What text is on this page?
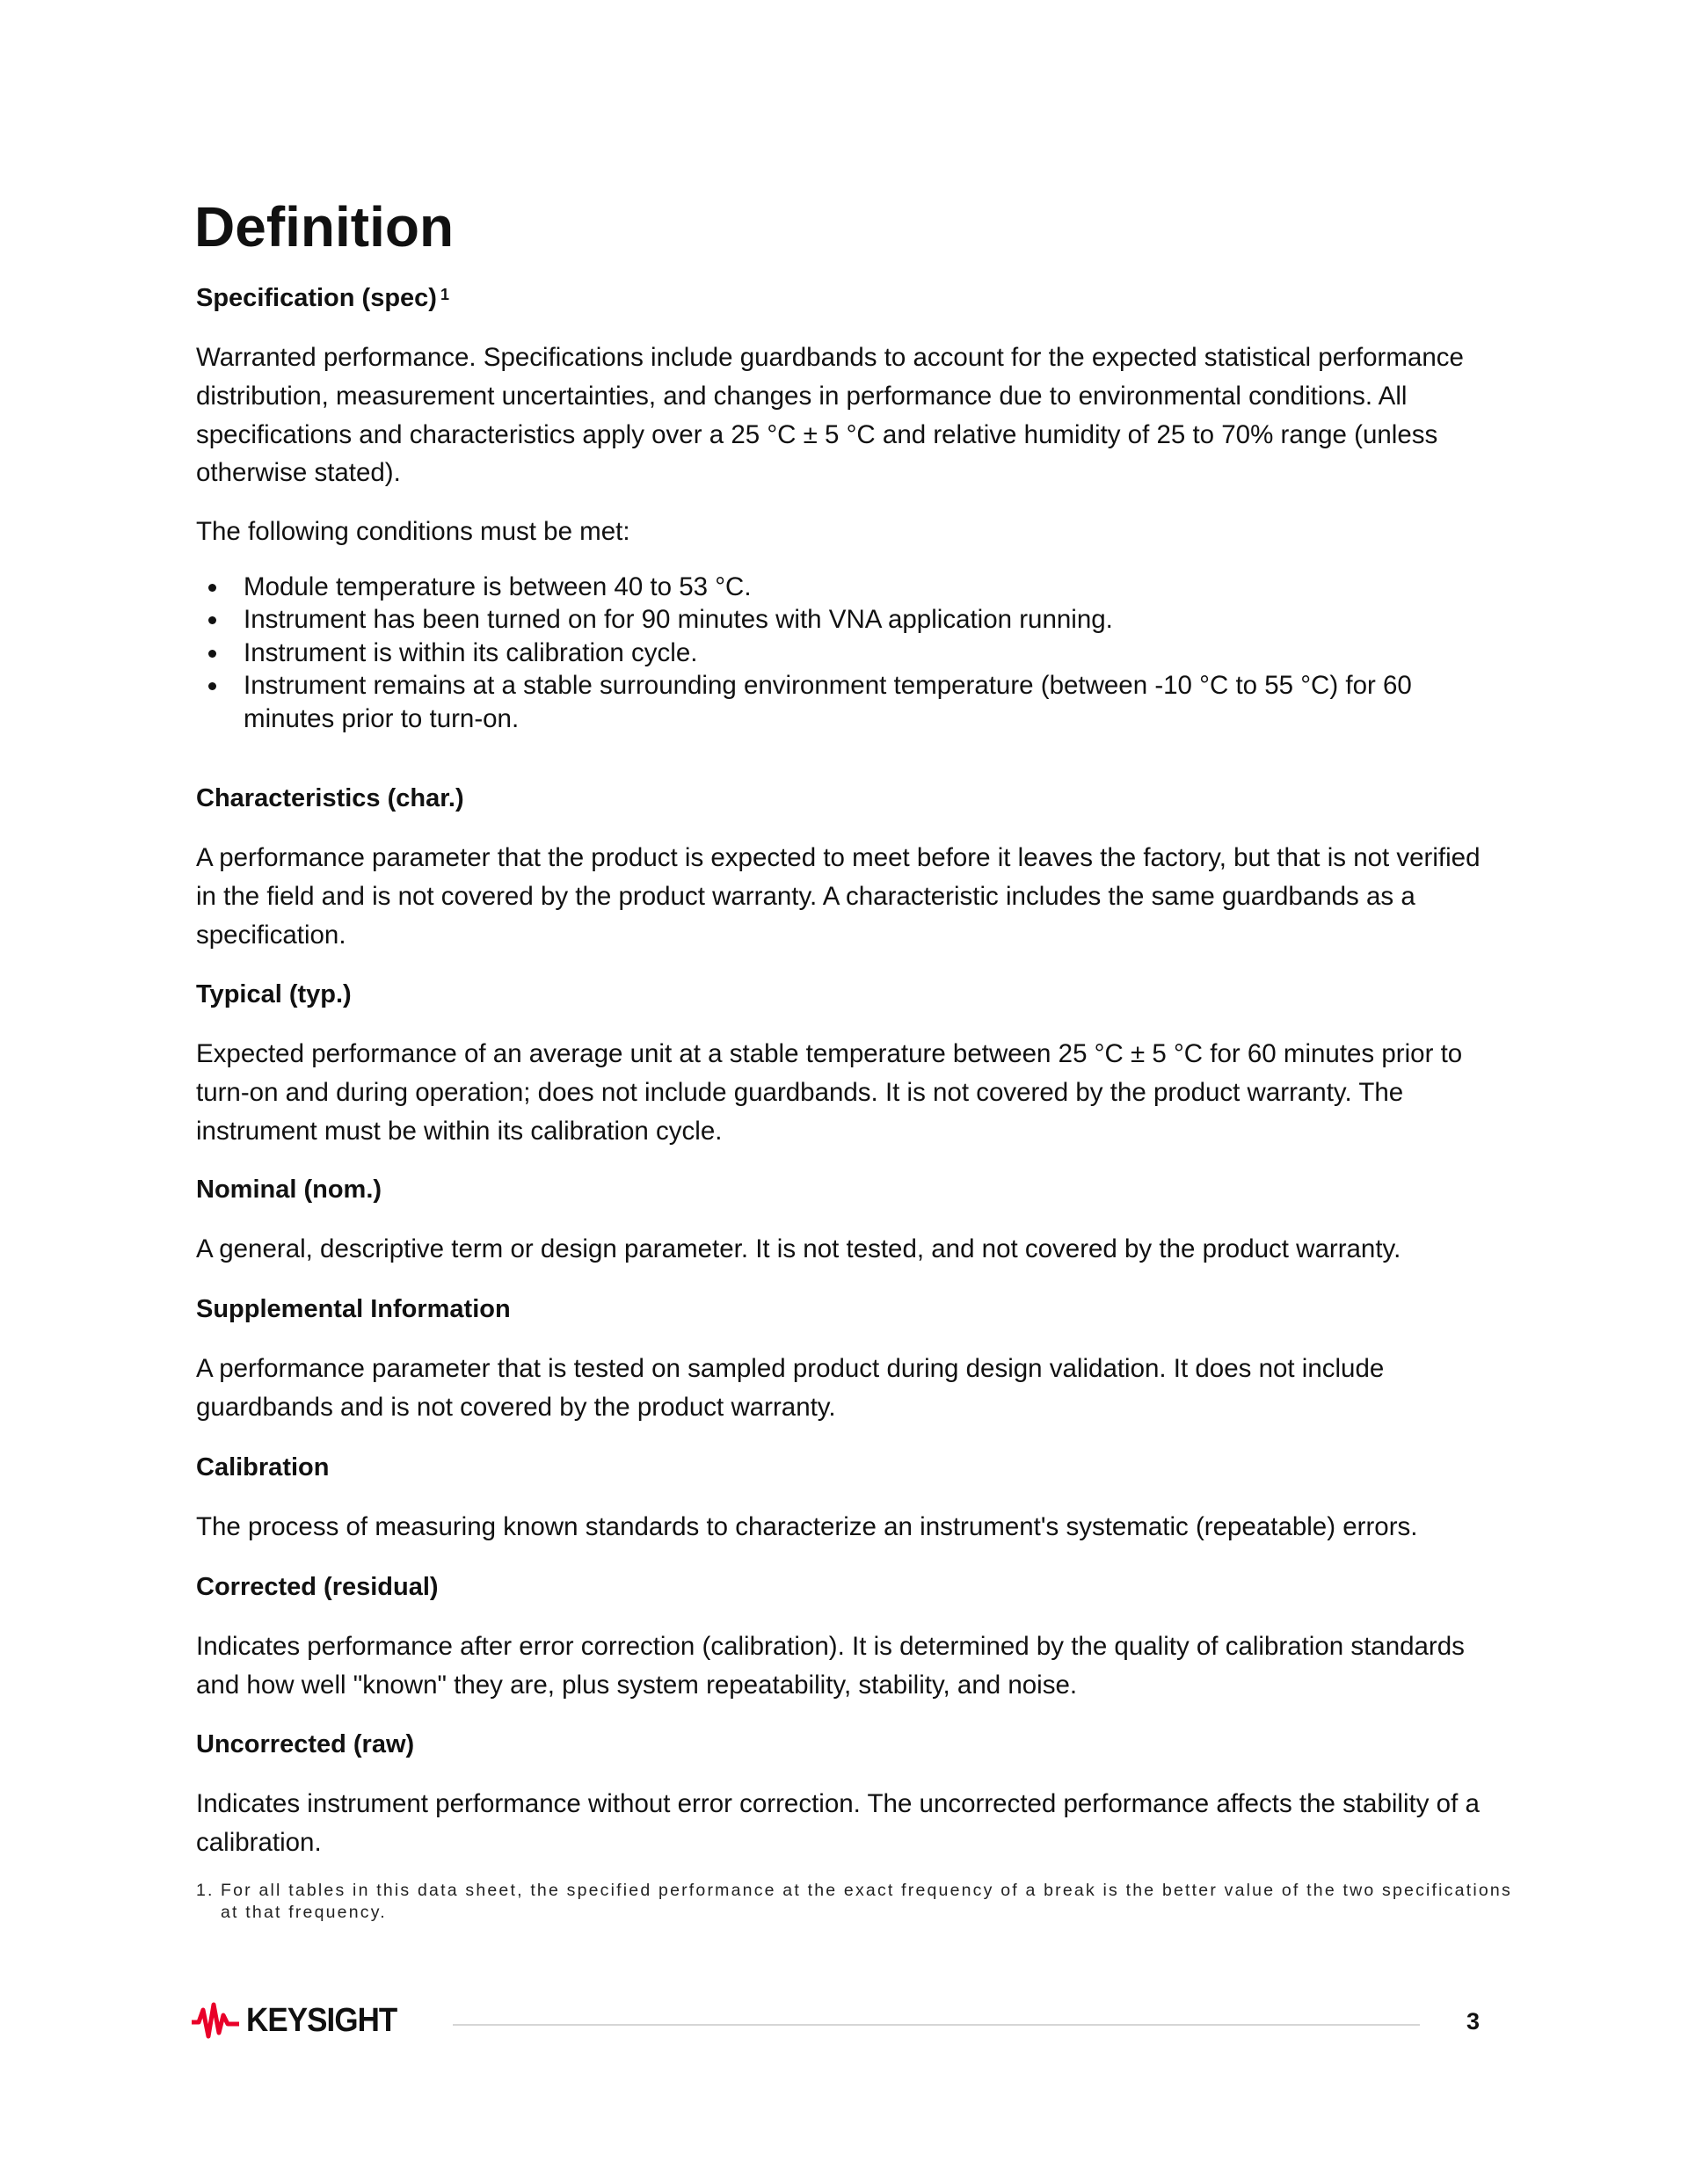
Definition

Specification (spec) $^1$

Warranted performance. Specifications include guardbands to account for the expected statistical performance distribution, measurement uncertainties, and changes in performance due to environmental conditions. All specifications and characteristics apply over a 25 °C ± 5 °C and relative humidity of 25 to 70% range (unless otherwise stated).

The following conditions must be met:

Module temperature is between 40 to 53 °C.
Instrument has been turned on for 90 minutes with VNA application running.
Instrument is within its calibration cycle.
Instrument remains at a stable surrounding environment temperature (between -10 °C to 55 °C) for 60 minutes prior to turn-on.

Characteristics (char.)

A performance parameter that the product is expected to meet before it leaves the factory, but that is not verified in the field and is not covered by the product warranty. A characteristic includes the same guardbands as a specification.

Typical (typ.)

Expected performance of an average unit at a stable temperature between 25 °C ± 5 °C for 60 minutes prior to turn-on and during operation; does not include guardbands. It is not covered by the product warranty. The instrument must be within its calibration cycle.

Nominal (nom.)

A general, descriptive term or design parameter. It is not tested, and not covered by the product warranty.

Supplemental Information

A performance parameter that is tested on sampled product during design validation. It does not include guardbands and is not covered by the product warranty.

Calibration

The process of measuring known standards to characterize an instrument's systematic (repeatable) errors.

Corrected (residual)

Indicates performance after error correction (calibration). It is determined by the quality of calibration standards and how well "known" they are, plus system repeatability, stability, and noise.

Uncorrected (raw)

Indicates instrument performance without error correction. The uncorrected performance affects the stability of a calibration.

1. For all tables in this data sheet, the specified performance at the exact frequency of a break is the better value of the two specifications at that frequency.
KEYSIGHT	3
